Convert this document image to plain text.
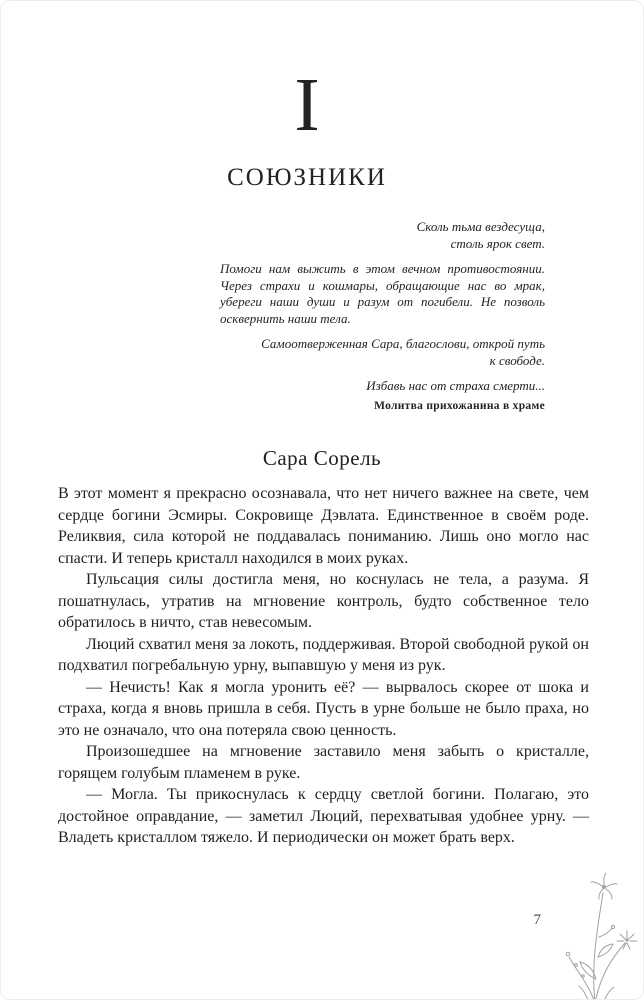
I
СОЮЗНИКИ

Сколь тьма вездесуща,
столь ярок свет.

Помоги нам выжить в этом вечном противостоянии. Через страхи и кошмары, обращающие нас во мрак, убереги наши души и разум от погибели. Не позволь осквернить наши тела.

Самоотверженная Сара, благослови, открой путь
к свободе.

Избавь нас от страха смерти...

Молитва прихожанина в храме

Сара Сорель

В этот момент я прекрасно осознавала, что нет ничего важнее на свете, чем сердце богини Эсмиры. Сокровище Дэвлата. Единственное в своём роде. Реликвия, сила которой не поддавалась пониманию. Лишь оно могло нас спасти. И теперь кристалл находился в моих руках.

Пульсация силы достигла меня, но коснулась не тела, а разума. Я пошатнулась, утратив на мгновение контроль, будто собственное тело обратилось в ничто, став невесомым.

Люций схватил меня за локоть, поддерживая. Второй свободной рукой он подхватил погребальную урну, выпавшую у меня из рук.

— Нечисть! Как я могла уронить её? — вырвалось скорее от шока и страха, когда я вновь пришла в себя. Пусть в урне больше не было праха, но это не означало, что она потеряла свою ценность.

Произошедшее на мгновение заставило меня забыть о кристалле, горящем голубым пламенем в руке.

— Могла. Ты прикоснулась к сердцу светлой богини. Полагаю, это достойное оправдание, — заметил Люций, перехватывая удобнее урну. — Владеть кристаллом тяжело. И периодически он может брать верх.

7
